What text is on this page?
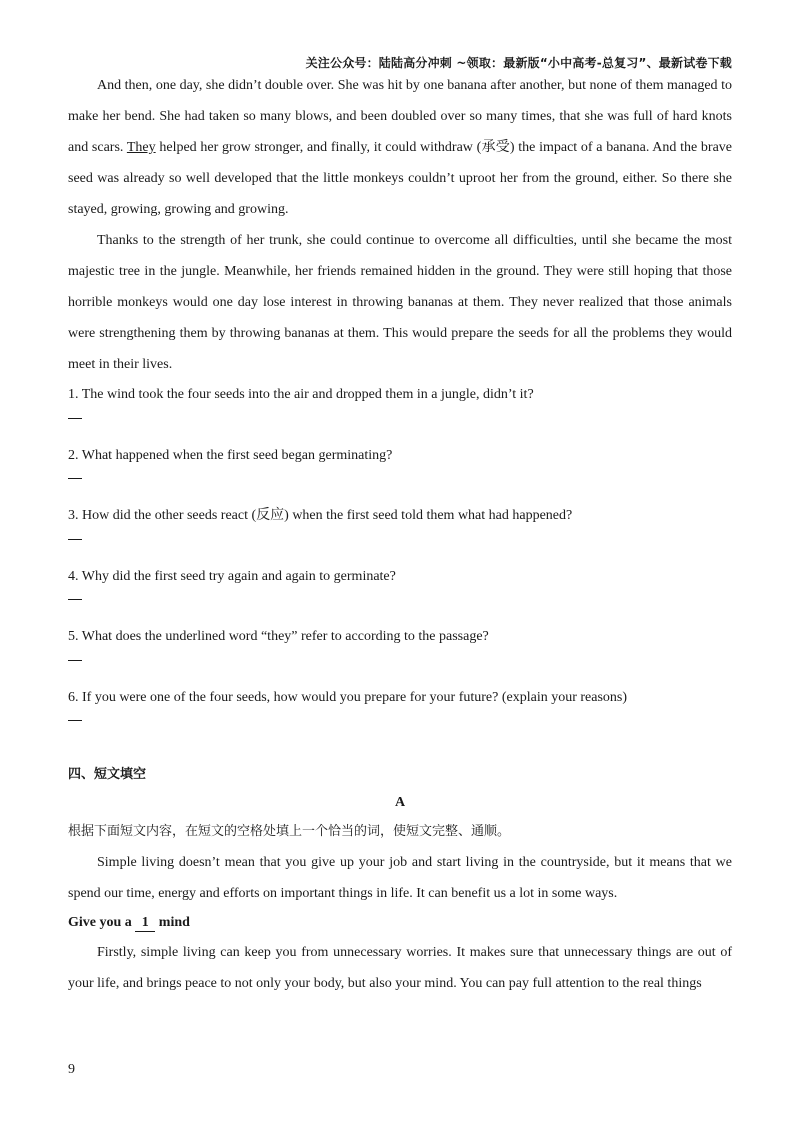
关注公众号：陆陆高分冲刺 ~领取：最新版“小中高考-总复习”、最新试卷下载

And then, one day, she didn’t double over. She was hit by one banana after another, but none of them managed to make her bend. She had taken so many blows, and been doubled over so many times, that she was full of hard knots and scars. They helped her grow stronger, and finally, it could withdraw (承受) the impact of a banana. And the brave seed was already so well developed that the little monkeys couldn’t uproot her from the ground, either. So there she stayed, growing, growing and growing.

Thanks to the strength of her trunk, she could continue to overcome all difficulties, until she became the most majestic tree in the jungle. Meanwhile, her friends remained hidden in the ground. They were still hoping that those horrible monkeys would one day lose interest in throwing bananas at them. They never realized that those animals were strengthening them by throwing bananas at them. This would prepare the seeds for all the problems they would meet in their lives.

1. The wind took the four seeds into the air and dropped them in a jungle, didn’t it?

2. What happened when the first seed began germinating?

3. How did the other seeds react (反应) when the first seed told them what had happened?

4. Why did the first seed try again and again to germinate?

5. What does the underlined word “they” refer to according to the passage?

6. If you were one of the four seeds, how would you prepare for your future? (explain your reasons)

四、短文填空

A

根据下面短文内容，在短文的空格处填上一个恰当的词，使短文完整、通顺。

Simple living doesn’t mean that you give up your job and start living in the countryside, but it means that we spend our time, energy and efforts on important things in life. It can benefit us a lot in some ways.

Give you a 1 mind

Firstly, simple living can keep you from unnecessary worries. It makes sure that unnecessary things are out of your life, and brings peace to not only your body, but also your mind. You can pay full attention to the real things

9
